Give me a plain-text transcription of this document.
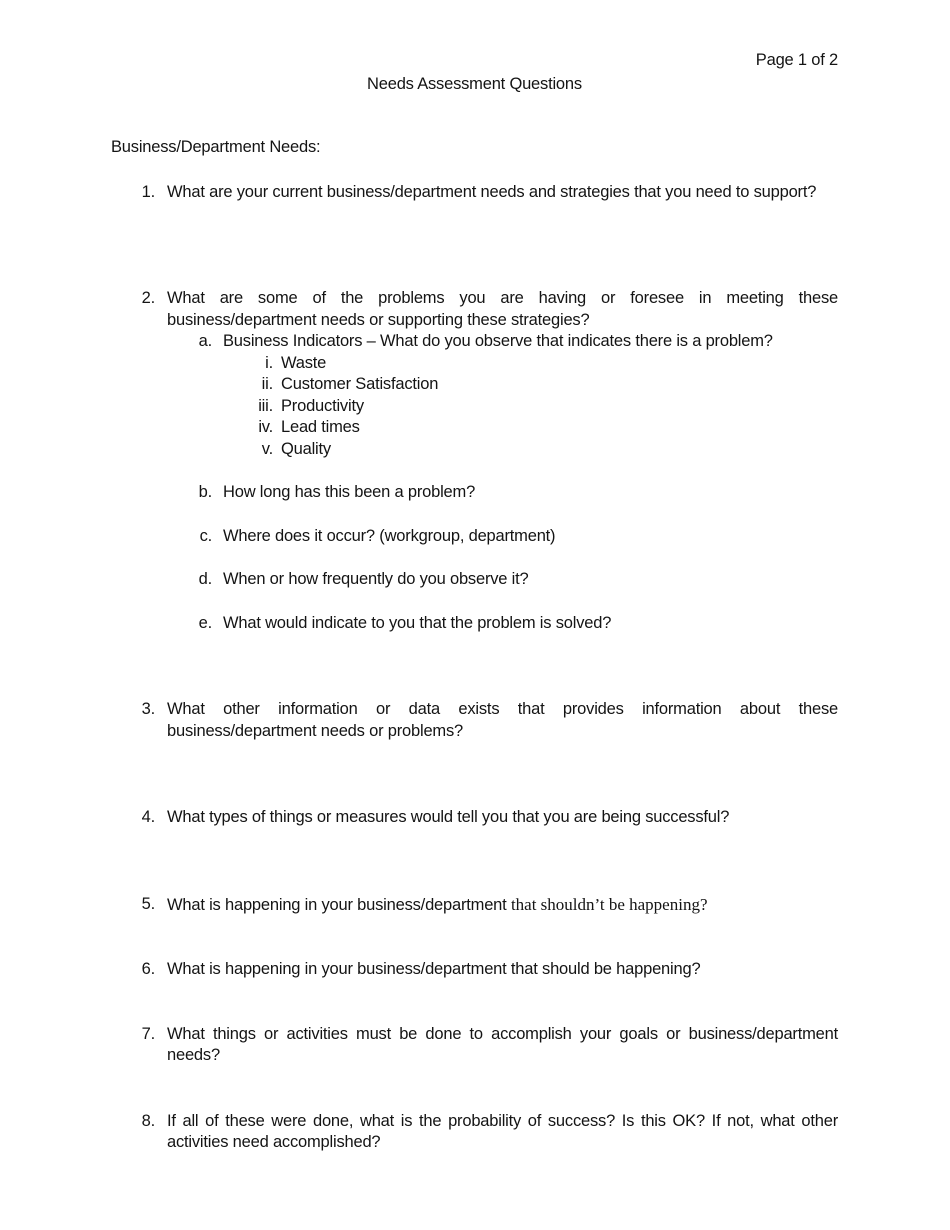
Page 1 of 2
Needs Assessment Questions
Business/Department Needs:
1. What are your current business/department needs and strategies that you need to support?
2. What are some of the problems you are having or foresee in meeting these business/department needs or supporting these strategies?
a. Business Indicators – What do you observe that indicates there is a problem?
i. Waste
ii. Customer Satisfaction
iii. Productivity
iv. Lead times
v. Quality
b. How long has this been a problem?
c. Where does it occur? (workgroup, department)
d. When or how frequently do you observe it?
e. What would indicate to you that the problem is solved?
3. What other information or data exists that provides information about these business/department needs or problems?
4. What types of things or measures would tell you that you are being successful?
5. What is happening in your business/department that shouldn’t be happening?
6. What is happening in your business/department that should be happening?
7. What things or activities must be done to accomplish your goals or business/department needs?
8. If all of these were done, what is the probability of success? Is this OK? If not, what other activities need accomplished?
